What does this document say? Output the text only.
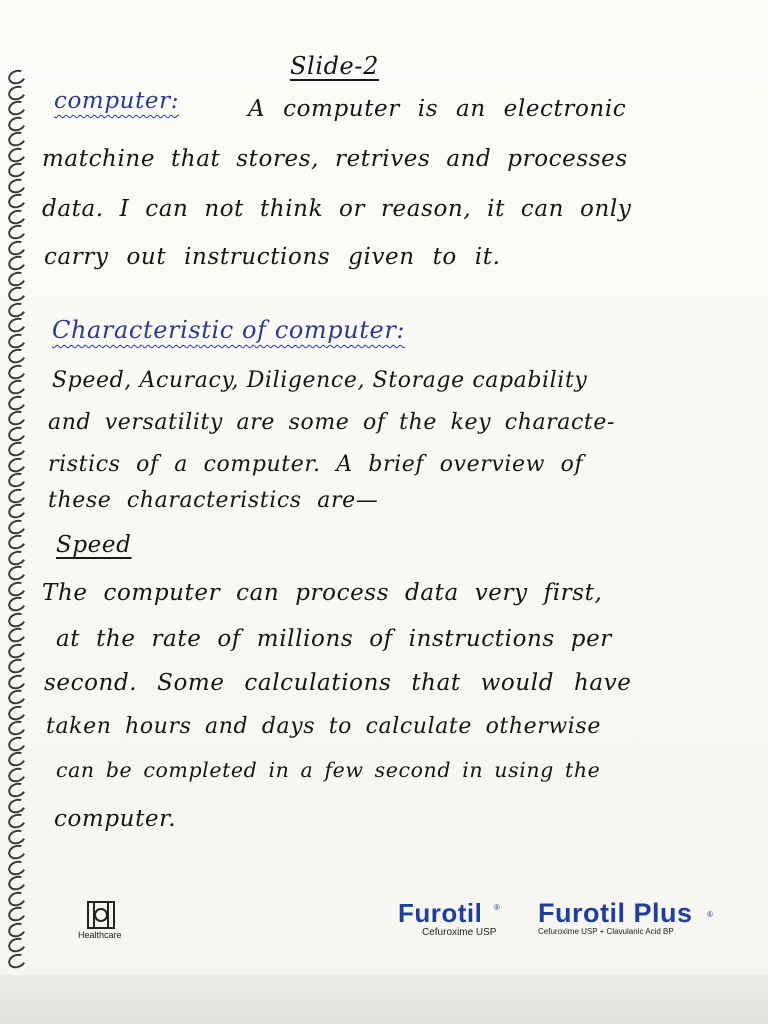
Slide-2
computer:	A computer is an electronic
matchine that stores, retrives and processes
data. I can not think or reason, it can only
carry out instructions given to it.
Characteristic of computer:
Speed, Acuracy, Diligence, Storage capability
and versatility are some of the key characte-
ristics of a computer. A brief overview of
these characteristics are—
Speed
The computer can process data very first,
at the rate of millions of instructions per
second. Some calculations that would have
taken hours and days to calculate otherwise
can be completed in a few second in using the
computer.
Healthcare
Furotil ®
Cefuroxime USP
Furotil Plus ®
Cefuroxime USP + Clavulanic Acid BP
